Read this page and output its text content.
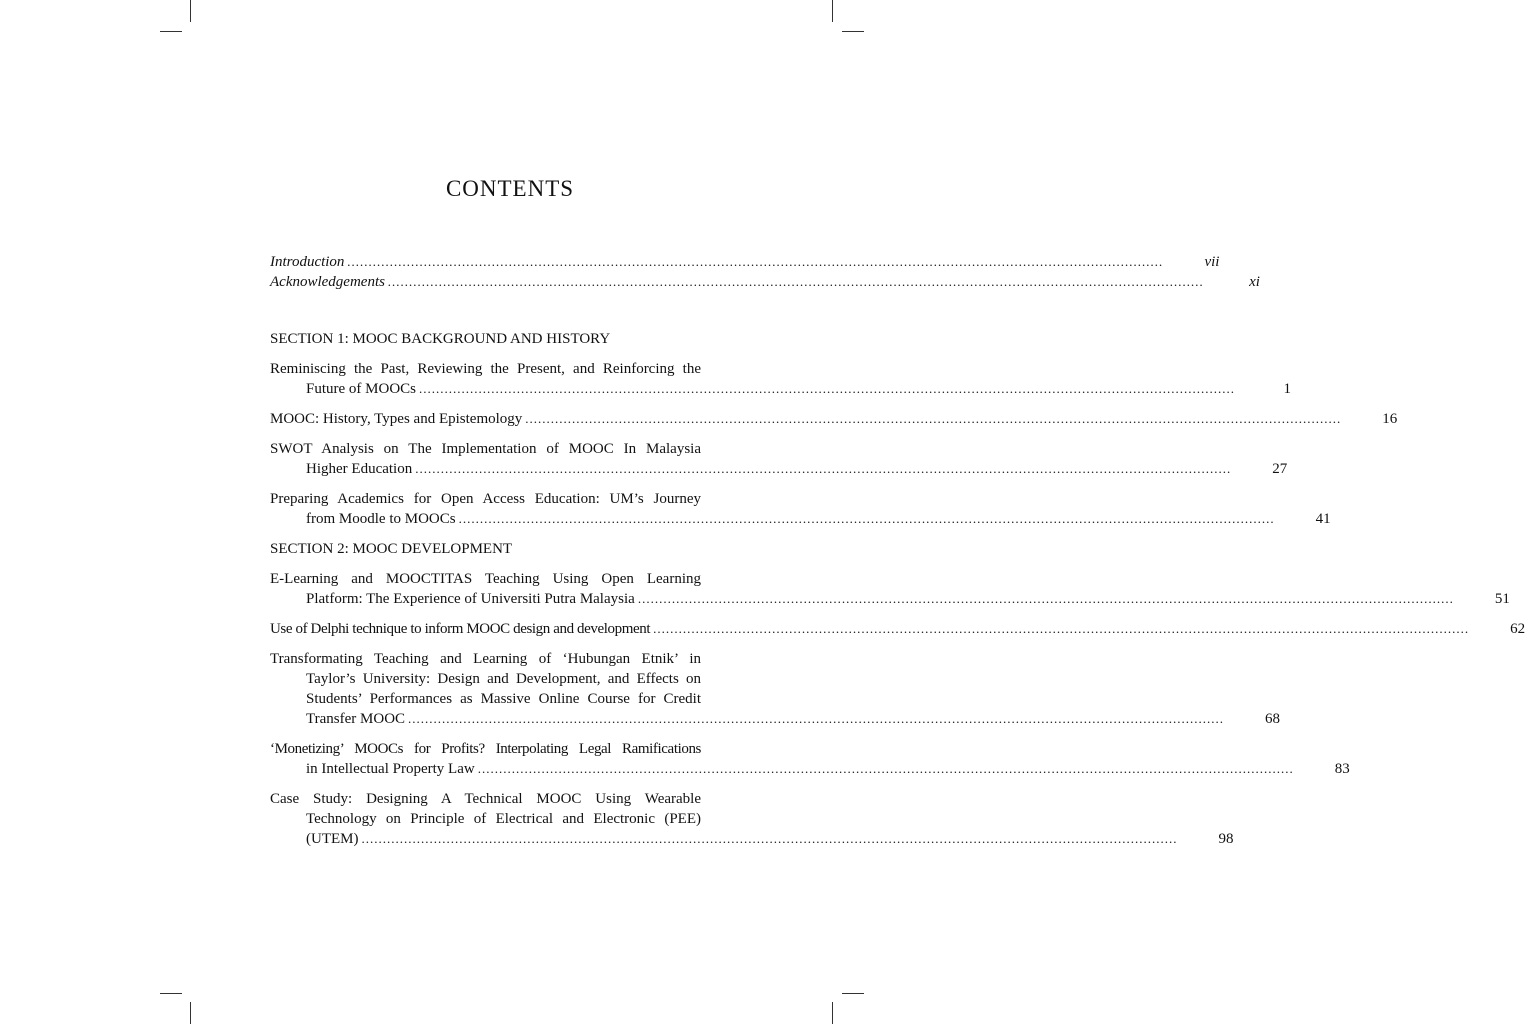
CONTENTS
Introduction .....	vii
Acknowledgements .....	xi
SECTION 1: MOOC BACKGROUND AND HISTORY
Reminiscing the Past, Reviewing the Present, and Reinforcing the
Future of MOOCs .....	1
MOOC: History, Types and Epistemology .....	16
SWOT Analysis on The Implementation of MOOC In Malaysia
Higher Education .....	27
Preparing Academics for Open Access Education: UM’s Journey
from Moodle to MOOCs .....	41
SECTION 2: MOOC DEVELOPMENT
E-Learning and MOOCTITAS Teaching Using Open Learning
Platform: The Experience of Universiti Putra Malaysia .....	51
Use of Delphi technique to inform MOOC design and development .....	62
Transformating Teaching and Learning of ‘Hubungan Etnik’ in
Taylor’s University: Design and Development, and Effects on
Students’ Performances as Massive Online Course for Credit
Transfer MOOC .....	68
‘Monetizing’ MOOCs for Profits? Interpolating Legal Ramifications
in Intellectual Property Law .....	83
Case Study: Designing A Technical MOOC Using Wearable
Technology on Principle of Electrical and Electronic (PEE)
(UTEM) .....	98
